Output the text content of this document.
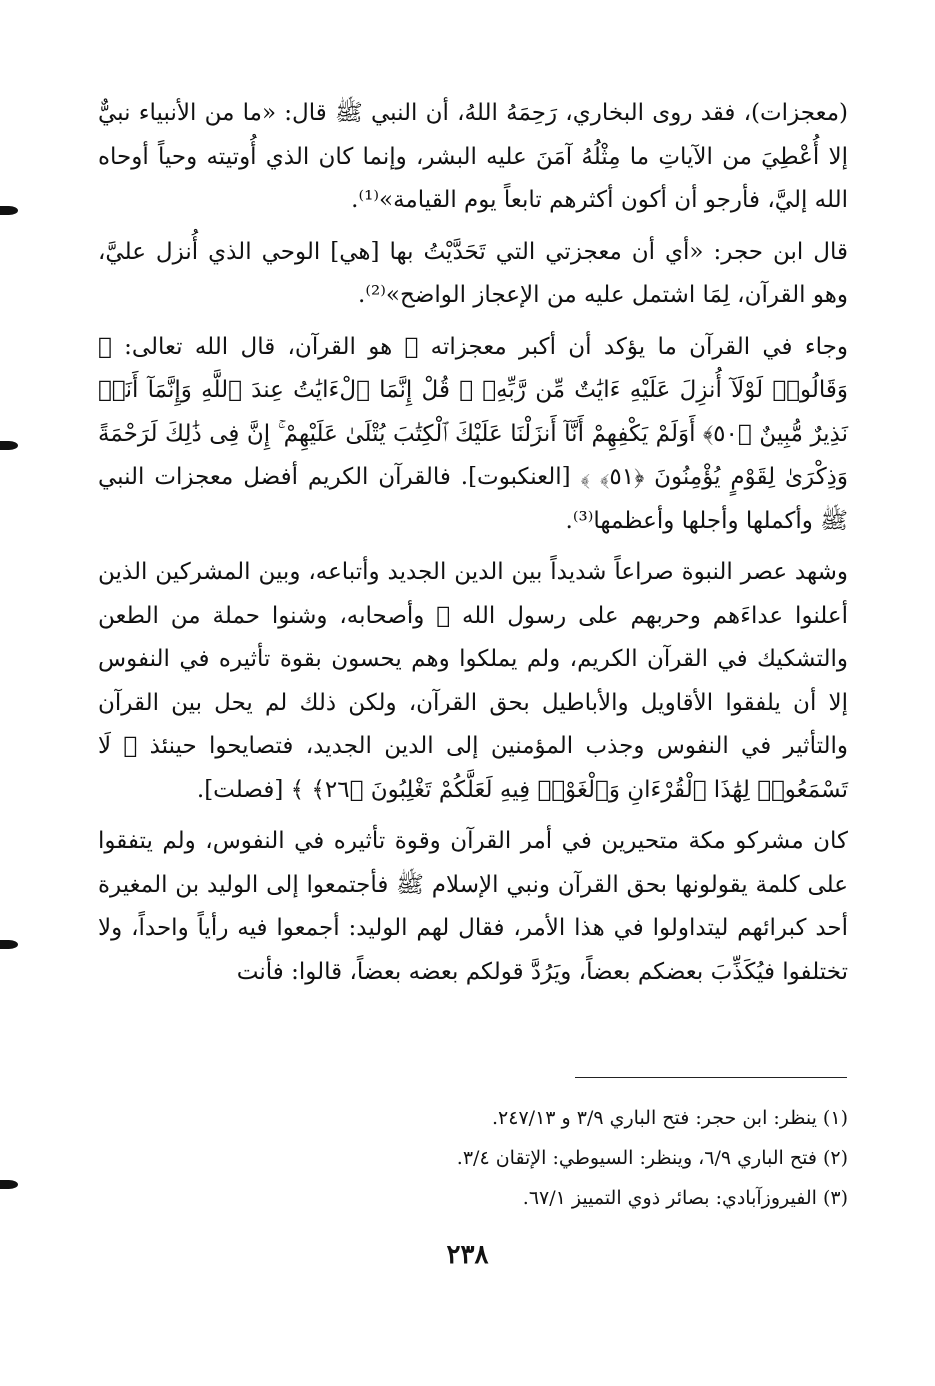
(معجزات)، فقد روى البخاري، رَحِمَهُ اللهُ، أن النبي ﷺ قال: «ما من الأنبياء نبيٌّ إلا أُعْطِيَ من الآياتِ ما مِثْلُهُ آمَنَ عليه البشر، وإنما كان الذي أُوتيته وحياً أوحاه الله إليَّ، فأرجو أن أكون أكثرهم تابعاً يوم القيامة»⁽¹⁾.

قال ابن حجر: «أي أن معجزتي التي تَحَدَّيْتُ بها [هي] الوحي الذي أُنزل عليَّ، وهو القرآن، لِمَا اشتمل عليه من الإعجاز الواضح»⁽²⁾.

وجاء في القرآن ما يؤكد أن أكبر معجزاته ﷺ هو القرآن، قال الله تعالى: ﴿ وَقَالُوا۟ لَوْلَآ أُنزِلَ عَلَيْهِ ءَايَٰتٌ مِّن رَّبِّهِۦ ۖ قُلْ إِنَّمَا ٱلْءَايَٰتُ عِندَ ٱللَّهِ وَإِنَّمَآ أَنَا۠ نَذِيرٌ مُّبِينٌ ﴿٥٠﴾ أَوَلَمْ يَكْفِهِمْ أَنَّآ أَنزَلْنَا عَلَيْكَ ٱلْكِتَٰبَ يُتْلَىٰ عَلَيْهِمْ ۚ إِنَّ فِى ذَٰلِكَ لَرَحْمَةً وَذِكْرَىٰ لِقَوْمٍ يُؤْمِنُونَ ﴿٥١﴾ ﴾ [العنكبوت]. فالقرآن الكريم أفضل معجزات النبي ﷺ وأكملها وأجلها وأعظمها⁽³⁾.

وشهد عصر النبوة صراعاً شديداً بين الدين الجديد وأتباعه، وبين المشركين الذين أعلنوا عداءَهم وحربهم على رسول الله ﷺ وأصحابه، وشنوا حملة من الطعن والتشكيك في القرآن الكريم، ولم يملكوا وهم يحسون بقوة تأثيره في النفوس إلا أن يلفقوا الأقاويل والأباطيل بحق القرآن، ولكن ذلك لم يحل بين القرآن والتأثير في النفوس وجذب المؤمنين إلى الدين الجديد، فتصايحوا حينئذ ﴿ لَا تَسْمَعُوا۟ لِهَٰذَا ٱلْقُرْءَانِ وَٱلْغَوْا۟ فِيهِ لَعَلَّكُمْ تَغْلِبُونَ ﴿٢٦﴾ ﴾ [فصلت].

كان مشركو مكة متحيرين في أمر القرآن وقوة تأثيره في النفوس، ولم يتفقوا على كلمة يقولونها بحق القرآن ونبي الإسلام ﷺ فأجتمعوا إلى الوليد بن المغيرة أحد كبرائهم ليتداولوا في هذا الأمر، فقال لهم الوليد: أجمعوا فيه رأياً واحداً، ولا تختلفوا فيُكَذِّبَ بعضكم بعضاً، ويَرُدَّ قولكم بعضه بعضاً، قالوا: فأنت

(١) ينظر: ابن حجر: فتح الباري ٣/٩ و ٢٤٧/١٣.

(٢) فتح الباري ٦/٩، وينظر: السيوطي: الإتقان ٣/٤.

(٣) الفيروزآبادي: بصائر ذوي التمييز ٦٧/١.

٢٣٨
